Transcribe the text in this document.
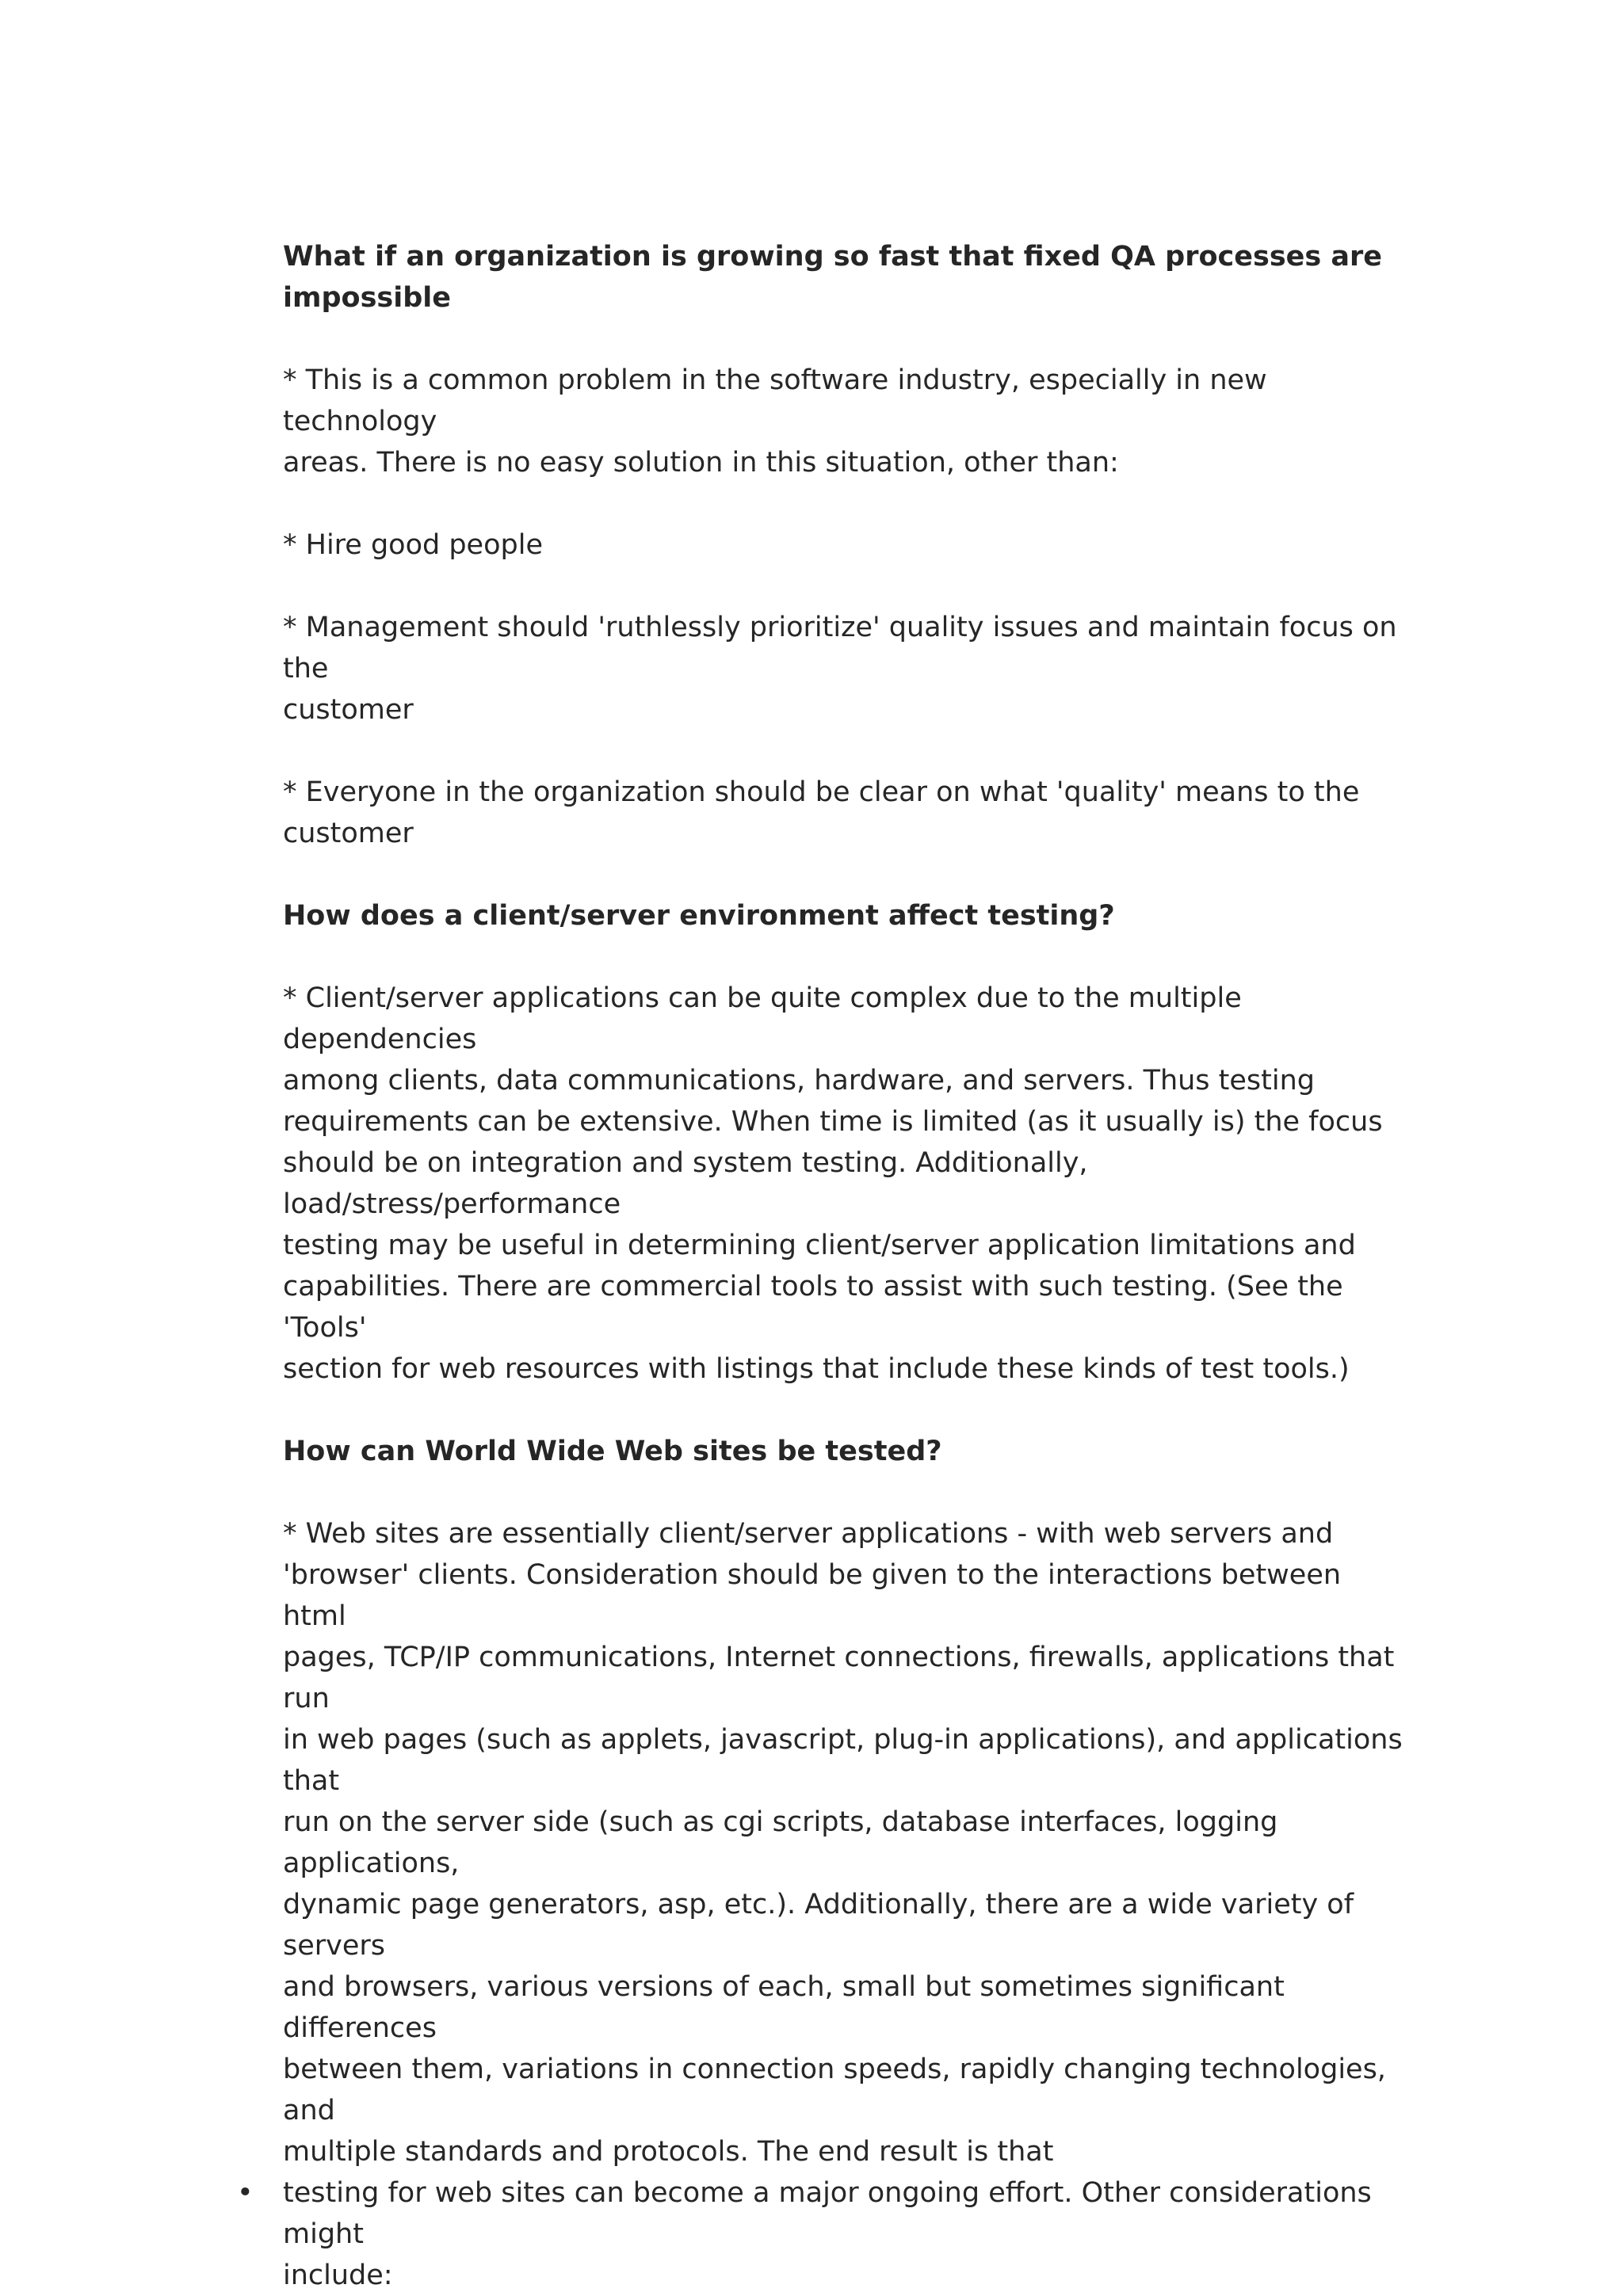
What if an organization is growing so fast that fixed QA processes are

impossible

* This is a common problem in the software industry, especially in new technology

areas. There is no easy solution in this situation, other than:

* Hire good people

* Management should 'ruthlessly prioritize' quality issues and maintain focus on the

customer

* Everyone in the organization should be clear on what 'quality' means to the

customer

How does a client/server environment affect testing?

* Client/server applications can be quite complex due to the multiple dependencies

among clients, data communications, hardware, and servers. Thus testing

requirements can be extensive. When time is limited (as it usually is) the focus

should be on integration and system testing. Additionally, load/stress/performance

testing may be useful in determining client/server application limitations and

capabilities. There are commercial tools to assist with such testing. (See the 'Tools'

section for web resources with listings that include these kinds of test tools.)

How can World Wide Web sites be tested?

* Web sites are essentially client/server applications - with web servers and

'browser' clients. Consideration should be given to the interactions between html

pages, TCP/IP communications, Internet connections, firewalls, applications that run

in web pages (such as applets, javascript, plug-in applications), and applications that

run on the server side (such as cgi scripts, database interfaces, logging applications,

dynamic page generators, asp, etc.). Additionally, there are a wide variety of servers

and browsers, various versions of each, small but sometimes significant differences

between them, variations in connection speeds, rapidly changing technologies, and

multiple standards and protocols. The end result is that

• testing for web sites can become a major ongoing effort. Other considerations might

include:
